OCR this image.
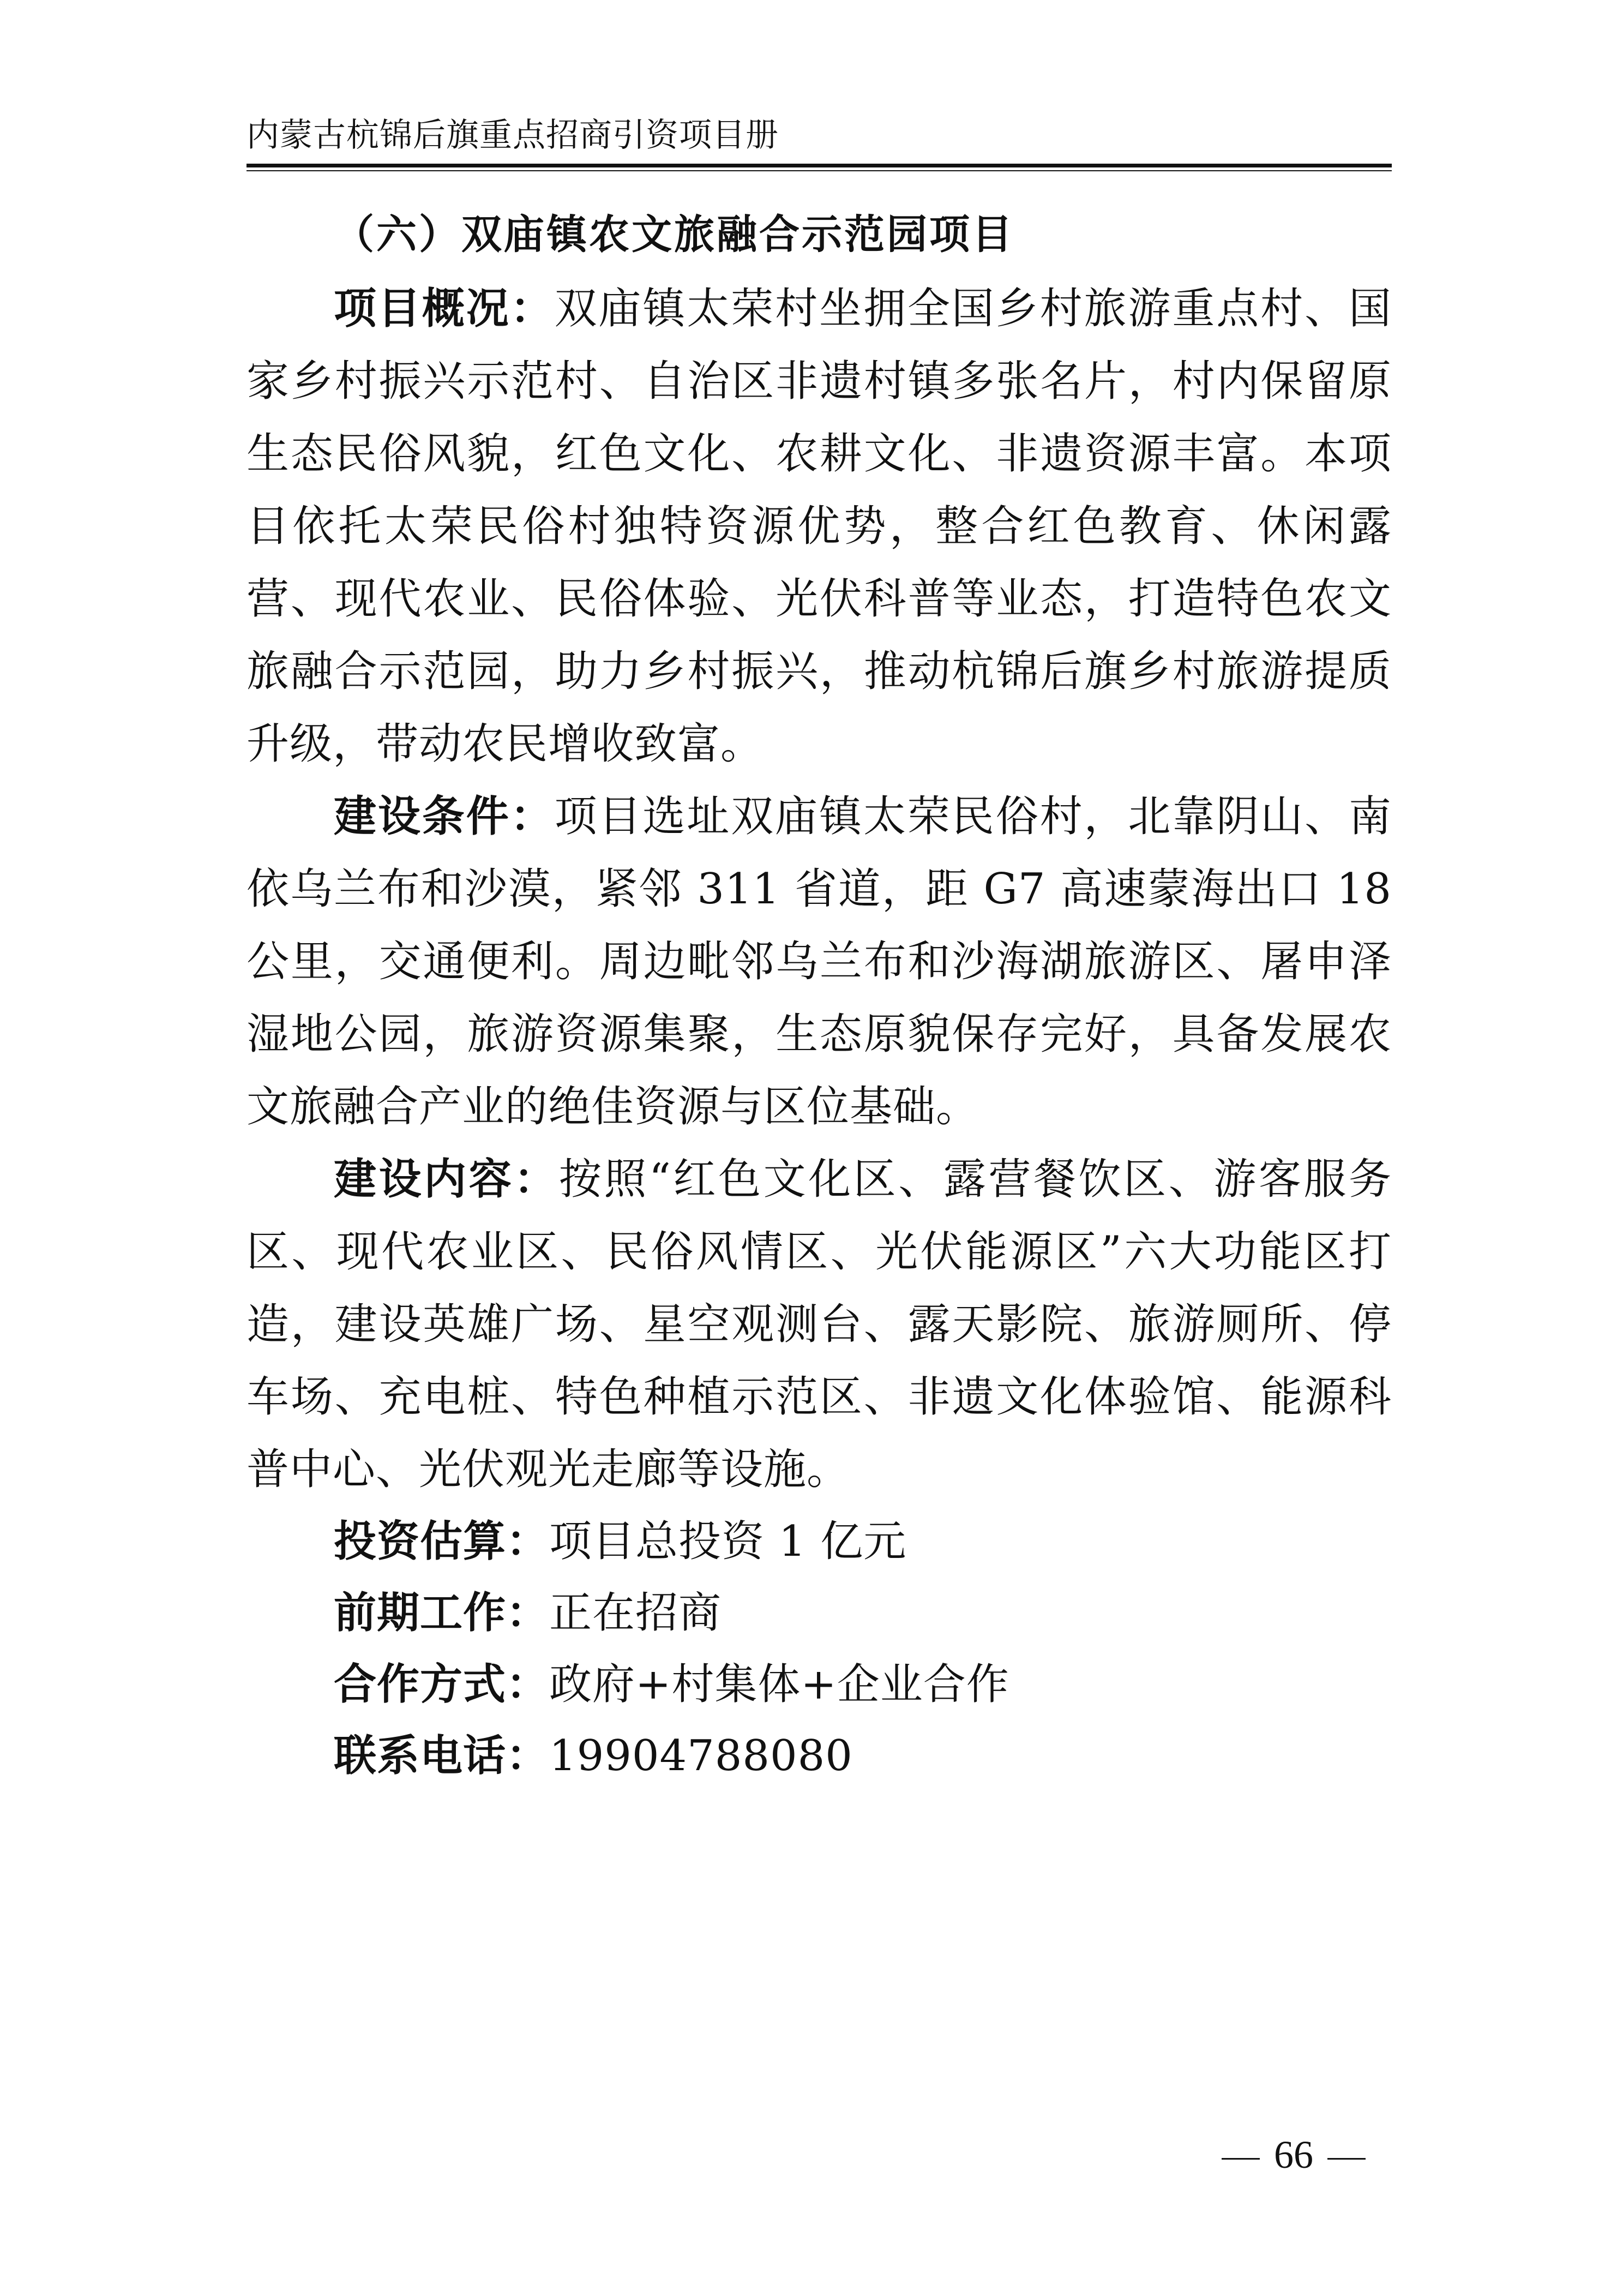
内蒙古杭锦后旗重点招商引资项目册
（六）双庙镇农文旅融合示范园项目

项目概况：双庙镇太荣村坐拥全国乡村旅游重点村、国家乡村振兴示范村、自治区非遗村镇多张名片，村内保留原生态民俗风貌，红色文化、农耕文化、非遗资源丰富。本项目依托太荣民俗村独特资源优势，整合红色教育、休闲露营、现代农业、民俗体验、光伏科普等业态，打造特色农文旅融合示范园，助力乡村振兴，推动杭锦后旗乡村旅游提质升级，带动农民增收致富。

建设条件：项目选址双庙镇太荣民俗村，北靠阴山、南依乌兰布和沙漠，紧邻 311 省道，距 G7 高速蒙海出口 18 公里，交通便利。周边毗邻乌兰布和沙海湖旅游区、屠申泽湿地公园，旅游资源集聚，生态原貌保存完好，具备发展农文旅融合产业的绝佳资源与区位基础。

建设内容：按照“红色文化区、露营餐饮区、游客服务区、现代农业区、民俗风情区、光伏能源区”六大功能区打造，建设英雄广场、星空观测台、露天影院、旅游厕所、停车场、充电桩、特色种植示范区、非遗文化体验馆、能源科普中心、光伏观光走廊等设施。

投资估算：项目总投资 1 亿元

前期工作：正在招商

合作方式：政府+村集体+企业合作

联系电话：19904788080

66
